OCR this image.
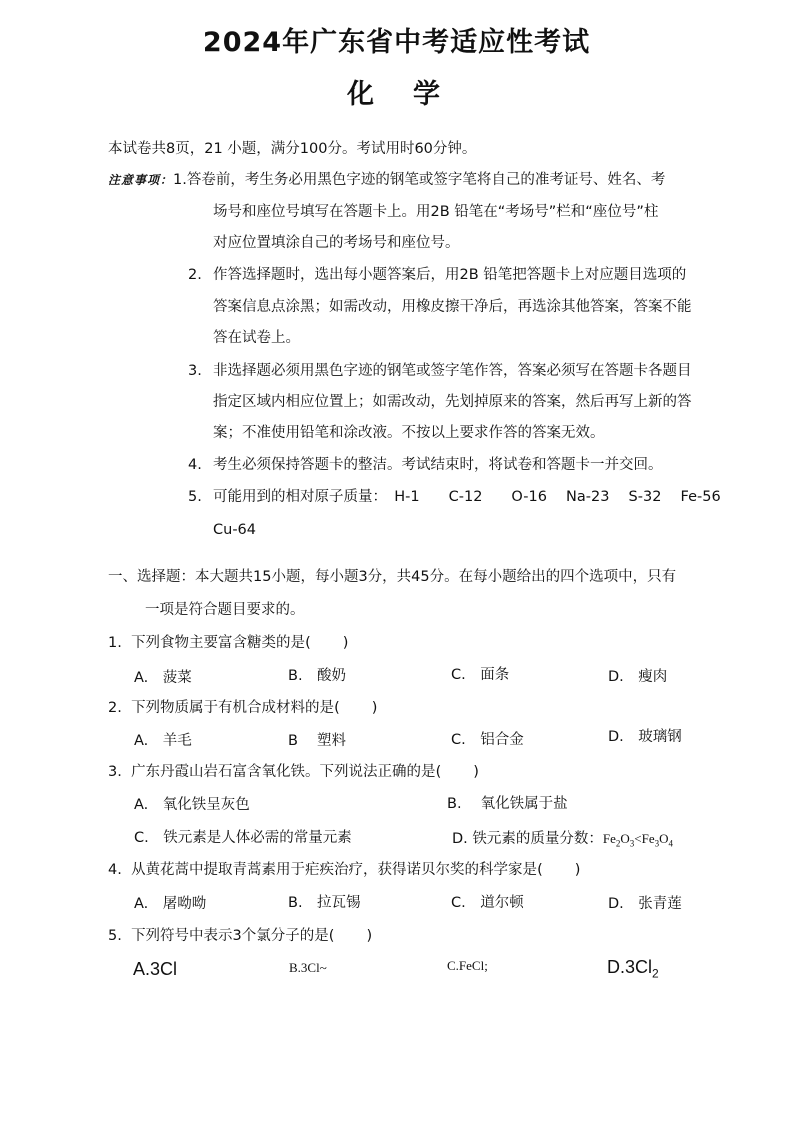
2024年广东省中考适应性考试
化　学
本试卷共8页，21 小题，满分100分。考试用时60分钟。
注意事项：1.答卷前，考生务必用黑色字迹的钢笔或签字笔将自己的准考证号、姓名、考
场号和座位号填写在答题卡上。用2B 铅笔在“考场号”栏和“座位号”柱
对应位置填涂自己的考场号和座位号。
2. 作答选择题时，选出每小题答案后，用2B 铅笔把答题卡上对应题目选项的
答案信息点涂黑；如需改动，用橡皮擦干净后，再选涂其他答案，答案不能
答在试卷上。
3. 非选择题必须用黑色字迹的钢笔或签字笔作答，答案必须写在答题卡各题目
指定区域内相应位置上；如需改动，先划掉原来的答案，然后再写上新的答
案；不准使用铅笔和涂改液。不按以上要求作答的答案无效。
4. 考生必须保持答题卡的整洁。考试结束时，将试卷和答题卡一并交回。
5. 可能用到的相对原子质量：　H-1　　C-12　　O-16　 Na-23　 S-32　 Fe-56
Cu-64
一、选择题：本大题共15小题，每小题3分，共45分。在每小题给出的四个选项中，只有
一项是符合题目要求的。
1. 下列食物主要富含糖类的是( )
A.　菠菜	B.　酸奶	C.　面条	D.　瘦肉
2. 下列物质属于有机合成材料的是( )
A.　羊毛	B　 塑料	C.　铝合金	D.　玻璃钢
3. 广东丹霞山岩石富含氧化铁。下列说法正确的是( )
A.　氧化铁呈灰色	B.　 氧化铁属于盐
C.　铁元素是人体必需的常量元素	D. 铁元素的质量分数：$Fe_2O_3<Fe_3O_4$
4. 从黄花蒿中提取青蒿素用于疟疾治疗，获得诺贝尔奖的科学家是( )
A.　屠呦呦	B.　拉瓦锡	C.　道尔顿	D.　张青莲
5. 下列符号中表示3个氯分子的是( )
A.3Cl	B.3Cl~	C.FeCl;	$D.3Cl_2$
